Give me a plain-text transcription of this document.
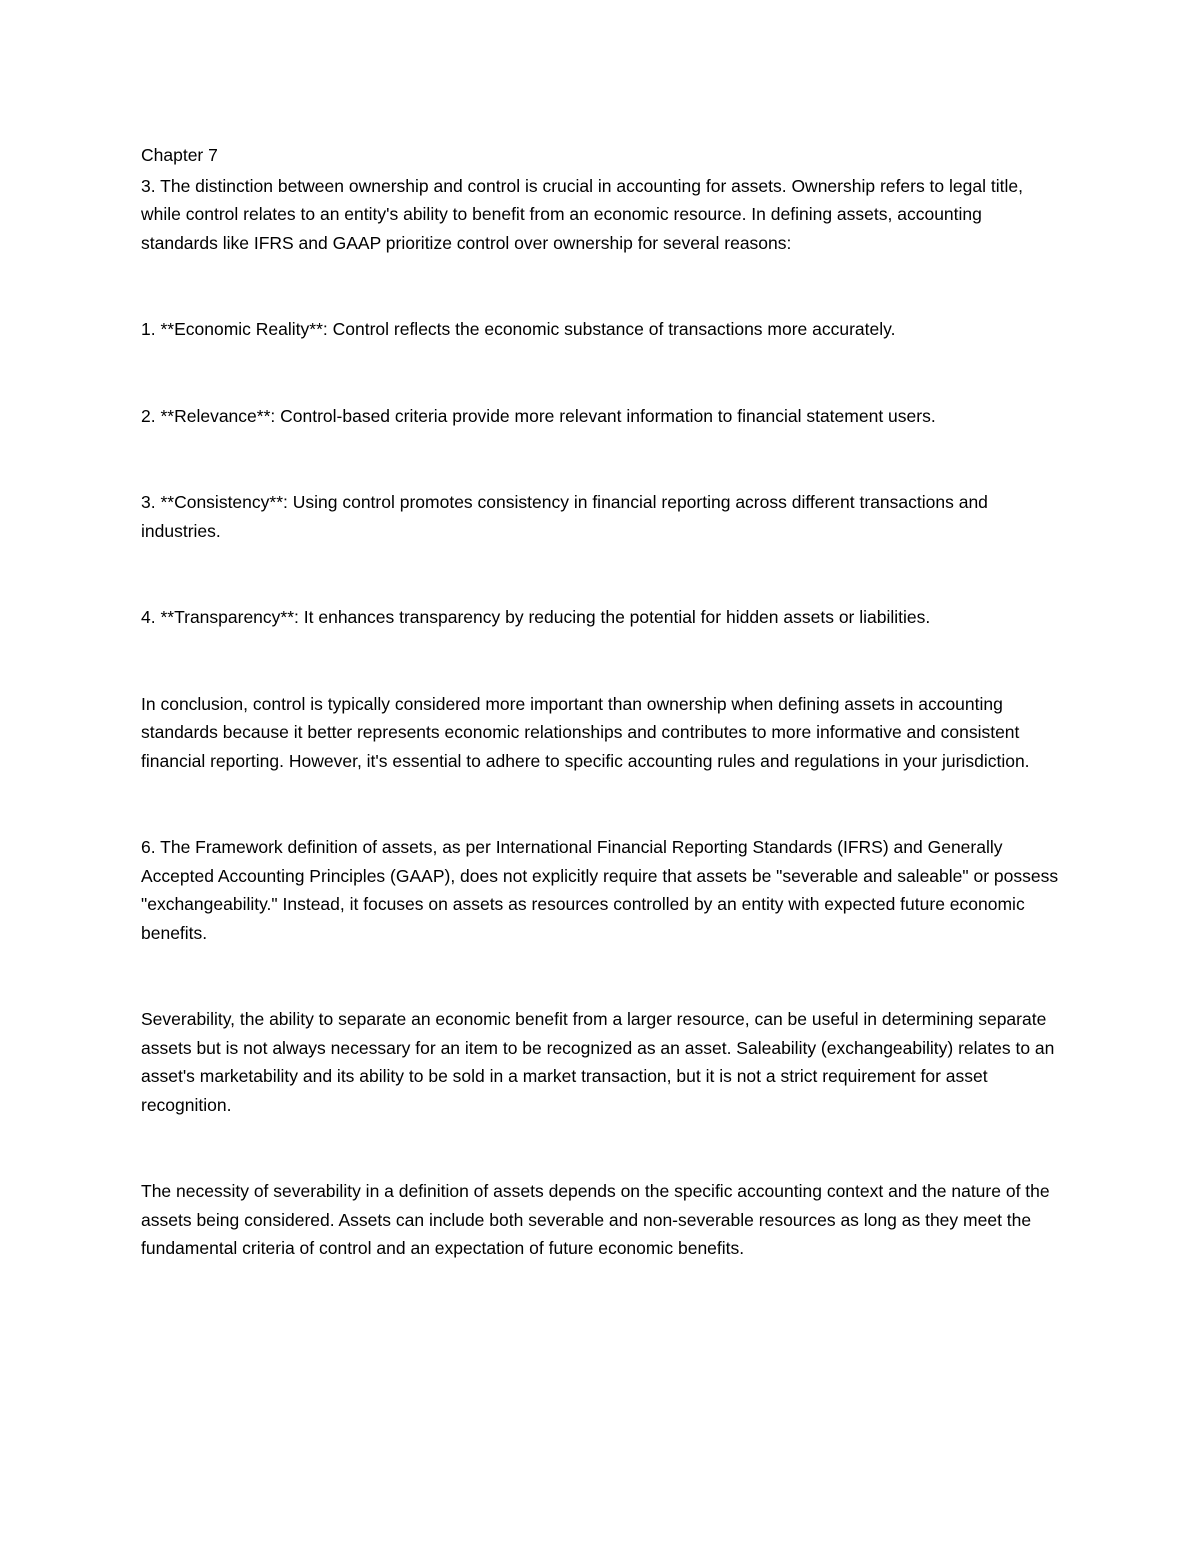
Chapter 7

3. The distinction between ownership and control is crucial in accounting for assets. Ownership refers to legal title, while control relates to an entity's ability to benefit from an economic resource. In defining assets, accounting standards like IFRS and GAAP prioritize control over ownership for several reasons:

1. **Economic Reality**: Control reflects the economic substance of transactions more accurately.

2. **Relevance**: Control-based criteria provide more relevant information to financial statement users.

3. **Consistency**: Using control promotes consistency in financial reporting across different transactions and industries.

4. **Transparency**: It enhances transparency by reducing the potential for hidden assets or liabilities.

In conclusion, control is typically considered more important than ownership when defining assets in accounting standards because it better represents economic relationships and contributes to more informative and consistent financial reporting. However, it's essential to adhere to specific accounting rules and regulations in your jurisdiction.

6. The Framework definition of assets, as per International Financial Reporting Standards (IFRS) and Generally Accepted Accounting Principles (GAAP), does not explicitly require that assets be "severable and saleable" or possess "exchangeability." Instead, it focuses on assets as resources controlled by an entity with expected future economic benefits.

Severability, the ability to separate an economic benefit from a larger resource, can be useful in determining separate assets but is not always necessary for an item to be recognized as an asset. Saleability (exchangeability) relates to an asset's marketability and its ability to be sold in a market transaction, but it is not a strict requirement for asset recognition.

The necessity of severability in a definition of assets depends on the specific accounting context and the nature of the assets being considered. Assets can include both severable and non-severable resources as long as they meet the fundamental criteria of control and an expectation of future economic benefits.
